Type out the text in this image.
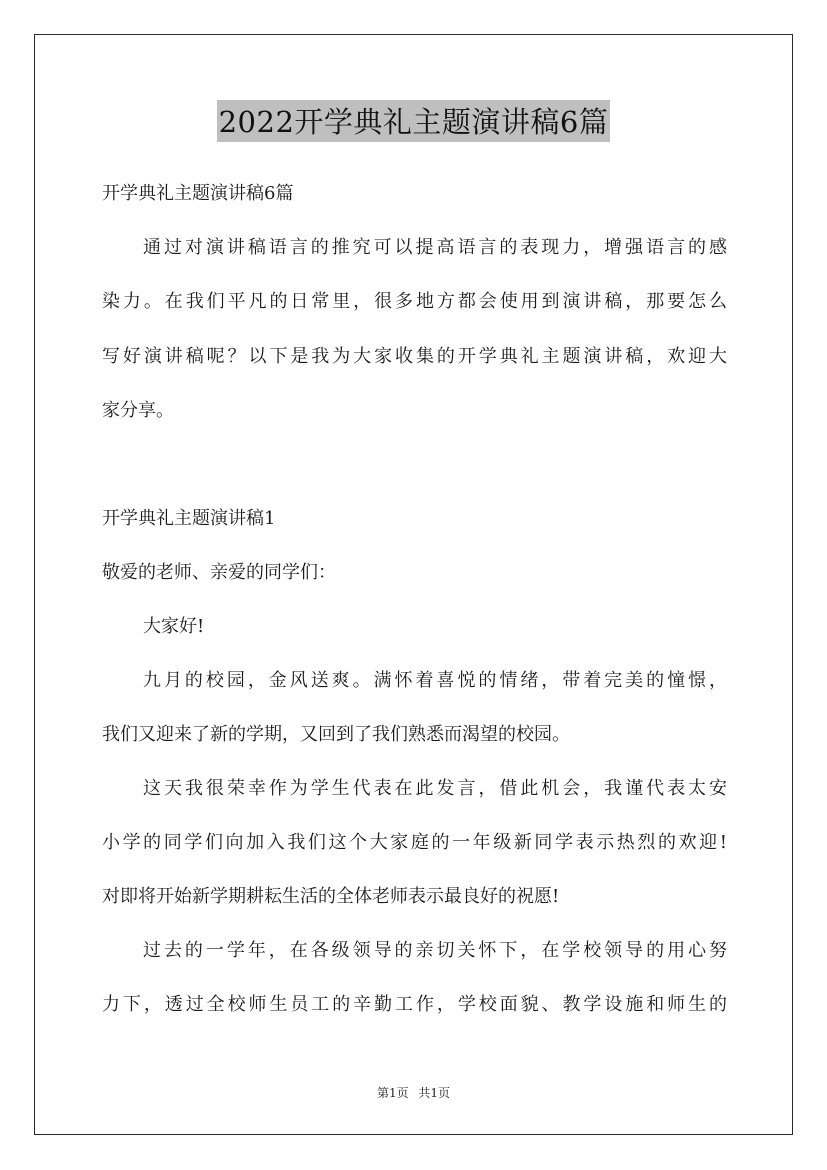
2022开学典礼主题演讲稿6篇
开学典礼主题演讲稿6篇
通过对演讲稿语言的推究可以提高语言的表现力，增强语言的感
染力。在我们平凡的日常里，很多地方都会使用到演讲稿，那要怎么
写好演讲稿呢？以下是我为大家收集的开学典礼主题演讲稿，欢迎大
家分享。
开学典礼主题演讲稿1
敬爱的老师、亲爱的同学们：
大家好!
九月的校园，金风送爽。满怀着喜悦的情绪，带着完美的憧憬，
我们又迎来了新的学期，又回到了我们熟悉而渴望的校园。
这天我很荣幸作为学生代表在此发言，借此机会，我谨代表太安
小学的同学们向加入我们这个大家庭的一年级新同学表示热烈的欢迎!
对即将开始新学期耕耘生活的全体老师表示最良好的祝愿!
过去的一学年，在各级领导的亲切关怀下，在学校领导的用心努
力下，透过全校师生员工的辛勤工作，学校面貌、教学设施和师生的
第1页 共1页
